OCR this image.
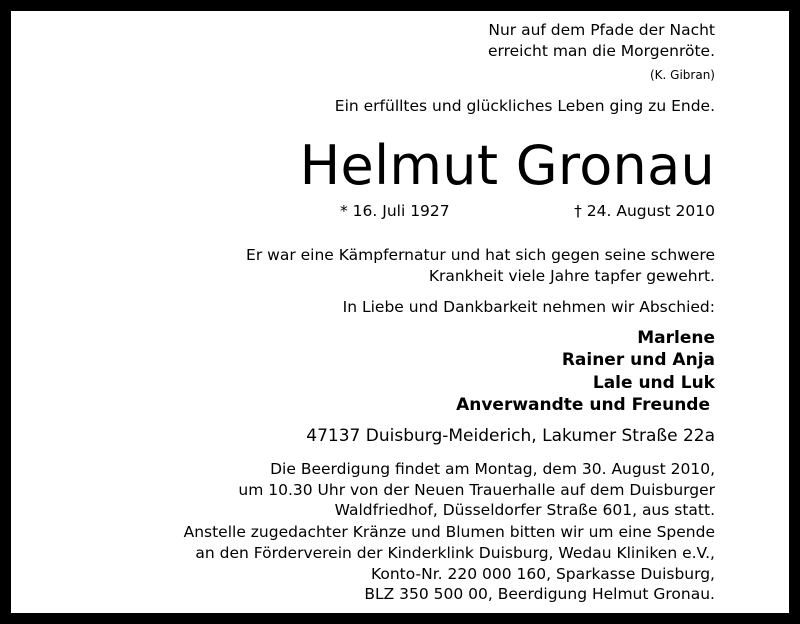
Nur auf dem Pfade der Nacht
erreicht man die Morgenröte.
(K. Gibran)
Ein erfülltes und glückliches Leben ging zu Ende.
Helmut Gronau
* 16. Juli 1927	† 24. August 2010
Er war eine Kämpfernatur und hat sich gegen seine schwere
Krankheit viele Jahre tapfer gewehrt.
In Liebe und Dankbarkeit nehmen wir Abschied:
Marlene
Rainer und Anja
Lale und Luk
Anverwandte und Freunde
47137 Duisburg-Meiderich, Lakumer Straße 22a
Die Beerdigung findet am Montag, dem 30. August 2010,
um 10.30 Uhr von der Neuen Trauerhalle auf dem Duisburger
Waldfriedhof, Düsseldorfer Straße 601, aus statt.
Anstelle zugedachter Kränze und Blumen bitten wir um eine Spende
an den Förderverein der Kinderklink Duisburg, Wedau Kliniken e.V.,
Konto-Nr. 220 000 160, Sparkasse Duisburg,
BLZ 350 500 00, Beerdigung Helmut Gronau.
